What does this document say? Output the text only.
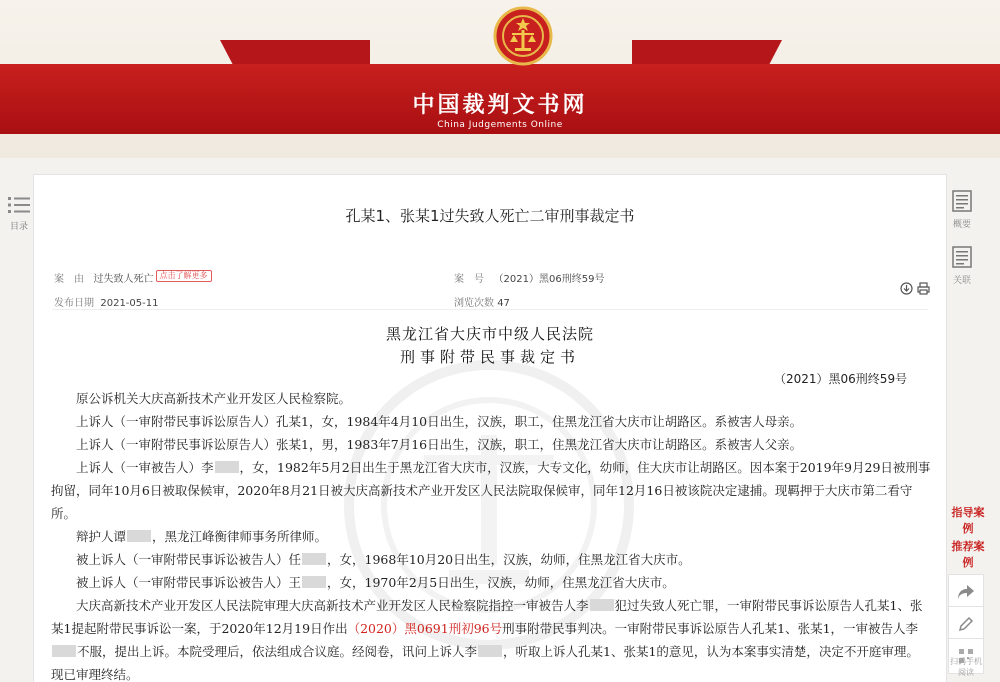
中国裁判文书网
China Judgements Online
目录	概要
关联
指导案例
推荐案例
扫码手机阅读
孔某1、张某1过失致人死亡二审刑事裁定书
案　由 过失致人死亡 点击了解更多	案　号 （2021）黑06刑终59号
发布日期 2021-05-11	浏览次数 47

黑龙江省大庆市中级人民法院
刑事附带民事裁定书
（2021）黑06刑终59号

原公诉机关大庆高新技术产业开发区人民检察院。

上诉人（一审附带民事诉讼原告人）孔某1，女，1984年4月10日出生，汉族，职工，住黑龙江省大庆市让胡路区。系被害人母亲。

上诉人（一审附带民事诉讼原告人）张某1，男，1983年7月16日出生，汉族，职工，住黑龙江省大庆市让胡路区。系被害人父亲。

上诉人（一审被告人）李 ，女，1982年5月2日出生于黑龙江省大庆市，汉族，大专文化，幼师，住大庆市让胡路区。因本案于2019年9月29日被刑事拘留，同年10月6日被取保候审，2020年8月21日被大庆高新技术产业开发区人民法院取保候审，同年12月16日被该院决定逮捕。现羁押于大庆市第二看守所。

辩护人谭 ，黑龙江峰衡律师事务所律师。

被上诉人（一审附带民事诉讼被告人）任 ，女，1968年10月20日出生，汉族，幼师，住黑龙江省大庆市。

被上诉人（一审附带民事诉讼被告人）王 ，女，1970年2月5日出生，汉族，幼师，住黑龙江省大庆市。

大庆高新技术产业开发区人民法院审理大庆高新技术产业开发区人民检察院指控一审被告人李 犯过失致人死亡罪，一审附带民事诉讼原告人孔某1、张某1提起附带民事诉讼一案，于2020年12月19日作出（2020）黑0691刑初96号刑事附带民事判决。一审附带民事诉讼原告人孔某1、张某1，一审被告人李不服，提出上诉。本院受理后，依法组成合议庭。经阅卷，讯问上诉人李 ，听取上诉人孔某1、张某1的意见，认为本案事实清楚，决定不开庭审理。现已审理终结。
